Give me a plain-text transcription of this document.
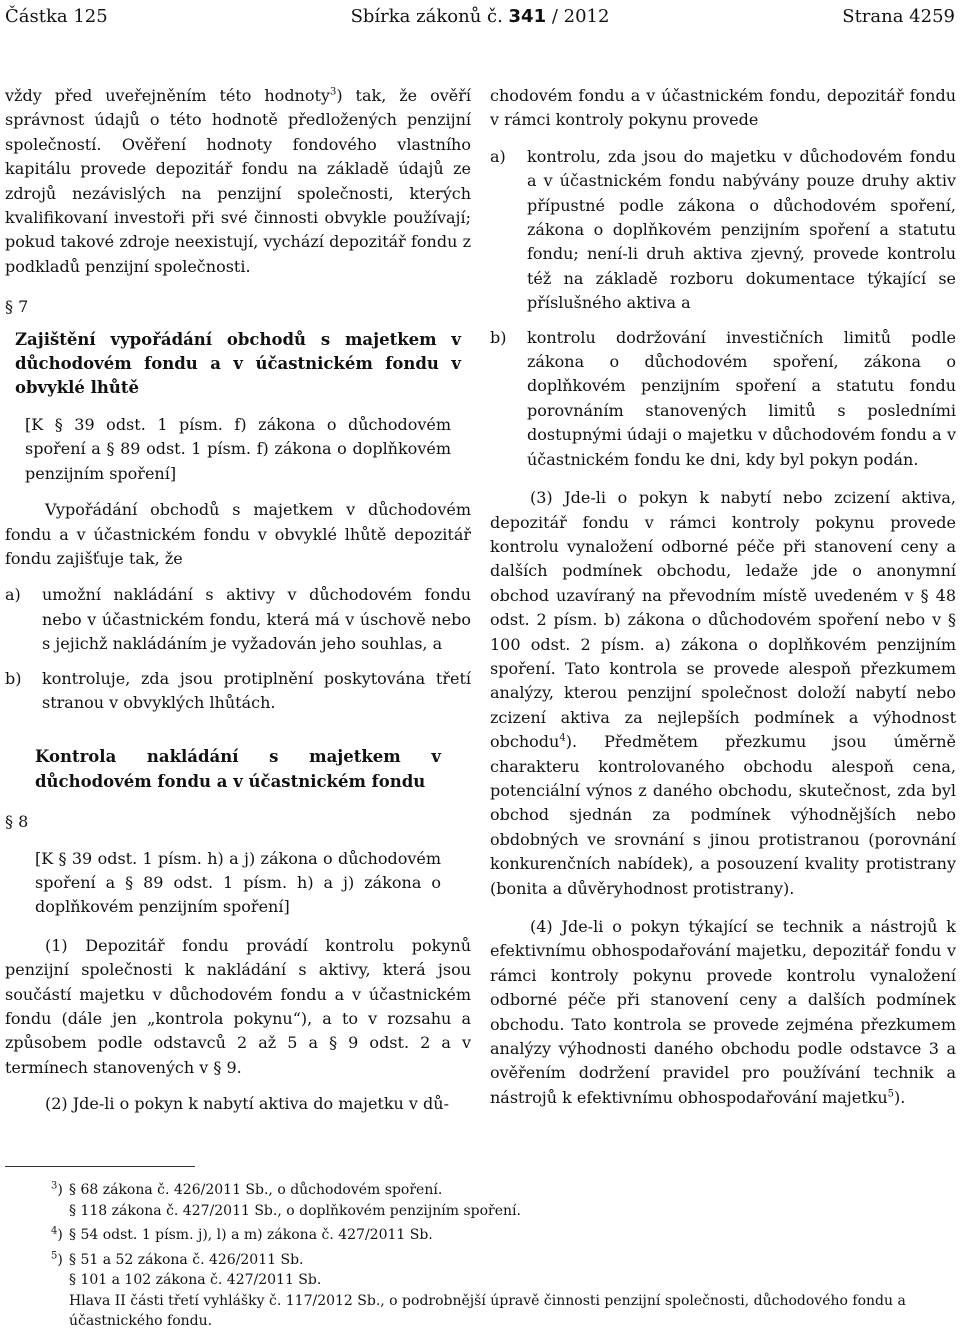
Částka 125	Sbírka zákonů č. 341 / 2012	Strana 4259

vždy před uveřejněním této hodnoty$^3$) tak, že ověří správnost údajů o této hodnotě předložených penzijní společností. Ověření hodnoty fondového vlastního kapitálu provede depozitář fondu na základě údajů ze zdrojů nezávislých na penzijní společnosti, kterých kvalifikovaní investoři při své činnosti obvykle používají; pokud takové zdroje neexistují, vychází depozitář fondu z podkladů penzijní společnosti.

§ 7

Zajištění vypořádání obchodů s majetkem v důchodovém fondu a v účastnickém fondu v obvyklé lhůtě

[K § 39 odst. 1 písm. f) zákona o důchodovém spoření a § 89 odst. 1 písm. f) zákona o doplňkovém penzijním spoření]

Vypořádání obchodů s majetkem v důchodovém fondu a v účastnickém fondu v obvyklé lhůtě depozitář fondu zajišťuje tak, že

a) umožní nakládání s aktivy v důchodovém fondu nebo v účastnickém fondu, která má v úschově nebo s jejichž nakládáním je vyžadován jeho souhlas, a
b) kontroluje, zda jsou protiplnění poskytována třetí stranou v obvyklých lhůtách.

Kontrola nakládání s majetkem v důchodovém fondu a v účastnickém fondu

§ 8

[K § 39 odst. 1 písm. h) a j) zákona o důchodovém spoření a § 89 odst. 1 písm. h) a j) zákona o doplňkovém penzijním spoření]

(1) Depozitář fondu provádí kontrolu pokynů penzijní společnosti k nakládání s aktivy, která jsou součástí majetku v důchodovém fondu a v účastnickém fondu (dále jen „kontrola pokynu“), a to v rozsahu a způsobem podle odstavců 2 až 5 a § 9 odst. 2 a v termínech stanovených v § 9.

(2) Jde-li o pokyn k nabytí aktiva do majetku v dů-

chodovém fondu a v účastnickém fondu, depozitář fondu v rámci kontroly pokynu provede

a) kontrolu, zda jsou do majetku v důchodovém fondu a v účastnickém fondu nabývány pouze druhy aktiv přípustné podle zákona o důchodovém spoření, zákona o doplňkovém penzijním spoření a statutu fondu; není-li druh aktiva zjevný, provede kontrolu též na základě rozboru dokumentace týkající se příslušného aktiva a
b) kontrolu dodržování investičních limitů podle zákona o důchodovém spoření, zákona o doplňkovém penzijním spoření a statutu fondu porovnáním stanovených limitů s posledními dostupnými údaji o majetku v důchodovém fondu a v účastnickém fondu ke dni, kdy byl pokyn podán.

(3) Jde-li o pokyn k nabytí nebo zcizení aktiva, depozitář fondu v rámci kontroly pokynu provede kontrolu vynaložení odborné péče při stanovení ceny a dalších podmínek obchodu, ledaže jde o anonymní obchod uzavíraný na převodním místě uvedeném v § 48 odst. 2 písm. b) zákona o důchodovém spoření nebo v § 100 odst. 2 písm. a) zákona o doplňkovém penzijním spoření. Tato kontrola se provede alespoň přezkumem analýzy, kterou penzijní společnost doloží nabytí nebo zcizení aktiva za nejlepších podmínek a výhodnost obchodu$^4$). Předmětem přezkumu jsou úměrně charakteru kontrolovaného obchodu alespoň cena, potenciální výnos z daného obchodu, skutečnost, zda byl obchod sjednán za podmínek výhodnějších nebo obdobných ve srovnání s jinou protistranou (porovnání konkurenčních nabídek), a posouzení kvality protistrany (bonita a důvěryhodnost protistrany).

(4) Jde-li o pokyn týkající se technik a nástrojů k efektivnímu obhospodařování majetku, depozitář fondu v rámci kontroly pokynu provede kontrolu vynaložení odborné péče při stanovení ceny a dalších podmínek obchodu. Tato kontrola se provede zejména přezkumem analýzy výhodnosti daného obchodu podle odstavce 3 a ověřením dodržení pravidel pro používání technik a nástrojů k efektivnímu obhospodařování majetku$^5$).

$^3$) § 68 zákona č. 426/2011 Sb., o důchodovém spoření.
§ 118 zákona č. 427/2011 Sb., o doplňkovém penzijním spoření.
$^4$) § 54 odst. 1 písm. j), l) a m) zákona č. 427/2011 Sb.
$^5$) § 51 a 52 zákona č. 426/2011 Sb.
§ 101 a 102 zákona č. 427/2011 Sb.
Hlava II části třetí vyhlášky č. 117/2012 Sb., o podrobnější úpravě činnosti penzijní společnosti, důchodového fondu a účastnického fondu.
